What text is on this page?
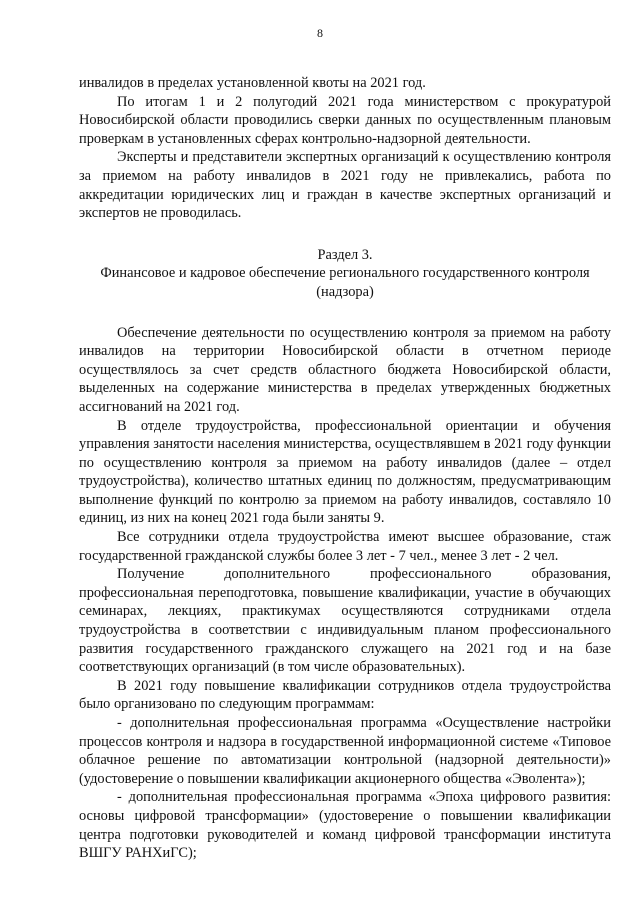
8

инвалидов в пределах установленной квоты на 2021 год.

По итогам 1 и 2 полугодий 2021 года министерством с прокуратурой Новосибирской области проводились сверки данных по осуществленным плановым проверкам в установленных сферах контрольно-надзорной деятельности.

Эксперты и представители экспертных организаций к осуществлению контроля за приемом на работу инвалидов в 2021 году не привлекались, работа по аккредитации юридических лиц и граждан в качестве экспертных организаций и экспертов не проводилась.

Раздел 3.

Финансовое и кадровое обеспечение регионального государственного контроля (надзора)

Обеспечение деятельности по осуществлению контроля за приемом на работу инвалидов на территории Новосибирской области в отчетном периоде осуществлялось за счет средств областного бюджета Новосибирской области, выделенных на содержание министерства в пределах утвержденных бюджетных ассигнований на 2021 год.

В отделе трудоустройства, профессиональной ориентации и обучения управления занятости населения министерства, осуществлявшем в 2021 году функции по осуществлению контроля за приемом на работу инвалидов (далее – отдел трудоустройства), количество штатных единиц по должностям, предусматривающим выполнение функций по контролю за приемом на работу инвалидов, составляло 10 единиц, из них на конец 2021 года были заняты 9.

Все сотрудники отдела трудоустройства имеют высшее образование, стаж государственной гражданской службы более 3 лет - 7 чел., менее 3 лет - 2 чел.

Получение дополнительного профессионального образования, профессиональная переподготовка, повышение квалификации, участие в обучающих семинарах, лекциях, практикумах осуществляются сотрудниками отдела трудоустройства в соответствии с индивидуальным планом профессионального развития государственного гражданского служащего на 2021 год и на базе соответствующих организаций (в том числе образовательных).

В 2021 году повышение квалификации сотрудников отдела трудоустройства было организовано по следующим программам:

- дополнительная профессиональная программа «Осуществление настройки процессов контроля и надзора в государственной информационной системе «Типовое облачное решение по автоматизации контрольной (надзорной деятельности)» (удостоверение о повышении квалификации акционерного общества «Эволента»);

- дополнительная профессиональная программа «Эпоха цифрового развития: основы цифровой трансформации» (удостоверение о повышении квалификации центра подготовки руководителей и команд цифровой трансформации института ВШГУ РАНХиГС);
